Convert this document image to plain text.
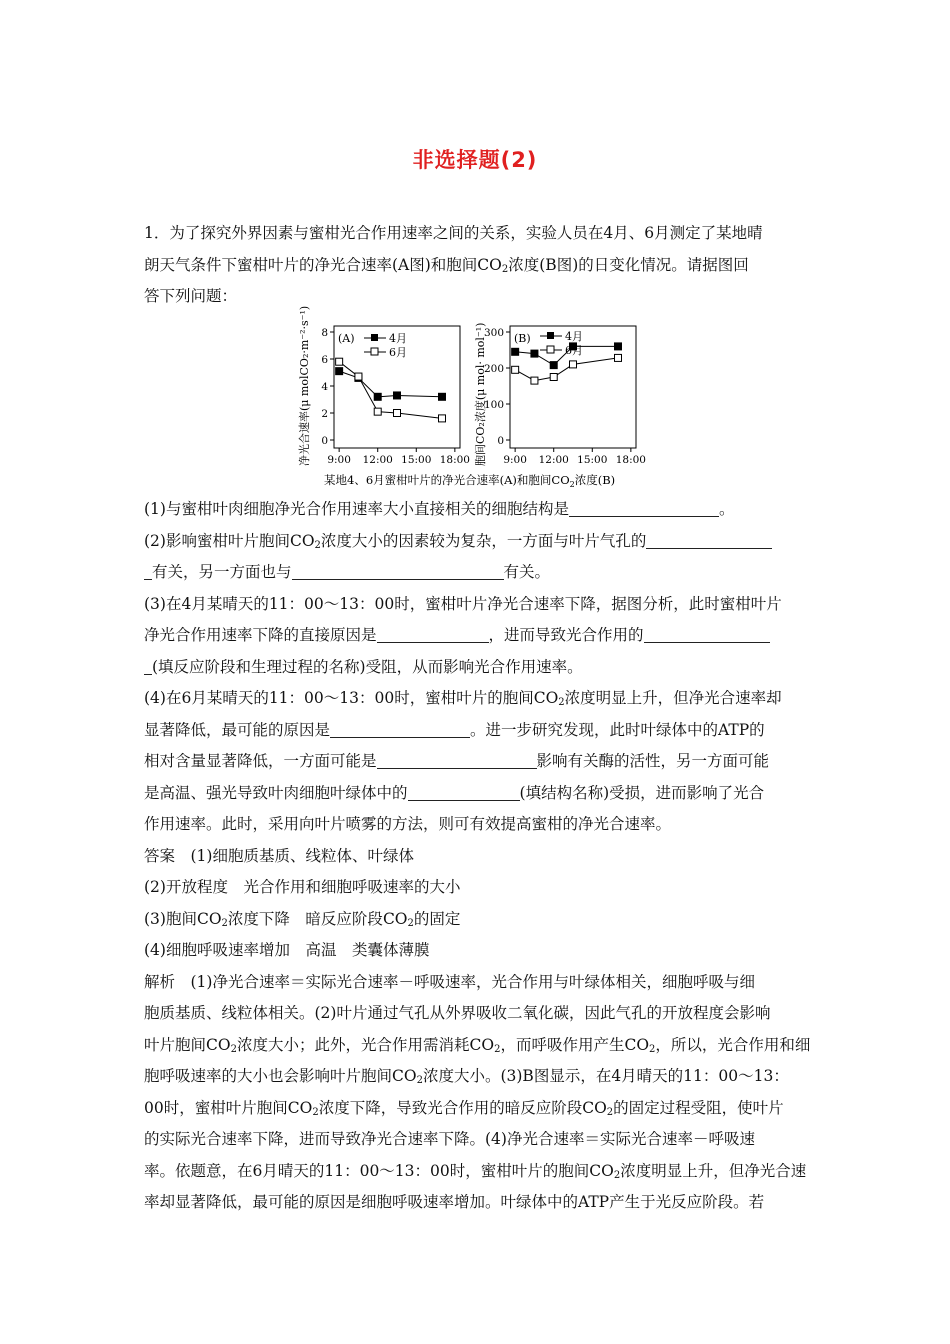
非选择题(2)
1．为了探究外界因素与蜜柑光合作用速率之间的关系，实验人员在4月、6月测定了某地晴
朗天气条件下蜜柑叶片的净光合速率(A图)和胞间$CO_2$浓度(B图)的日变化情况。请据图回
答下列问题：
0
2
4
6
8
9:00 12:00 15:00 18:00
0
100
200
300
9:00 12:00 15:00 18:00
净光合速率(μ molCO₂·m⁻²·s⁻¹)	胞间CO₂浓度(μ mol· mol⁻¹)
(A)	(B)
4月
6月
4月
6月
某地4、6月蜜柑叶片的净光合速率(A)和胞间$CO_2$浓度(B)
(1)与蜜柑叶肉细胞净光合作用速率大小直接相关的细胞结构是	。
(2)影响蜜柑叶片胞间$CO_2$浓度大小的因素较为复杂，一方面与叶片气孔的
有关，另一方面也与	有关。
(3)在4月某晴天的11：00～13：00时，蜜柑叶片净光合速率下降，据图分析，此时蜜柑叶片
净光合作用速率下降的直接原因是	，进而导致光合作用的
(填反应阶段和生理过程的名称)受阻，从而影响光合作用速率。
(4)在6月某晴天的11：00～13：00时，蜜柑叶片的胞间$CO_2$浓度明显上升，但净光合速率却
显著降低，最可能的原因是	。进一步研究发现，此时叶绿体中的ATP的
相对含量显著降低，一方面可能是	影响有关酶的活性，另一方面可能
是高温、强光导致叶肉细胞叶绿体中的	(填结构名称)受损，进而影响了光合
作用速率。此时，采用向叶片喷雾的方法，则可有效提高蜜柑的净光合速率。
答案　(1)细胞质基质、线粒体、叶绿体
(2)开放程度　光合作用和细胞呼吸速率的大小
(3)胞间$CO_2$浓度下降　暗反应阶段$CO_2$的固定
(4)细胞呼吸速率增加　高温　类囊体薄膜
解析　(1)净光合速率＝实际光合速率－呼吸速率，光合作用与叶绿体相关，细胞呼吸与细
胞质基质、线粒体相关。(2)叶片通过气孔从外界吸收二氧化碳，因此气孔的开放程度会影响
叶片胞间$CO_2$浓度大小；此外，光合作用需消耗$CO_2$，而呼吸作用产生$CO_2$，所以，光合作用和细
胞呼吸速率的大小也会影响叶片胞间$CO_2$浓度大小。(3)B图显示，在4月晴天的11：00～13：
00时，蜜柑叶片胞间$CO_2$浓度下降，导致光合作用的暗反应阶段$CO_2$的固定过程受阻，使叶片
的实际光合速率下降，进而导致净光合速率下降。(4)净光合速率＝实际光合速率－呼吸速
率。依题意，在6月晴天的11：00～13：00时，蜜柑叶片的胞间$CO_2$浓度明显上升，但净光合速
率却显著降低，最可能的原因是细胞呼吸速率增加。叶绿体中的ATP产生于光反应阶段。若
